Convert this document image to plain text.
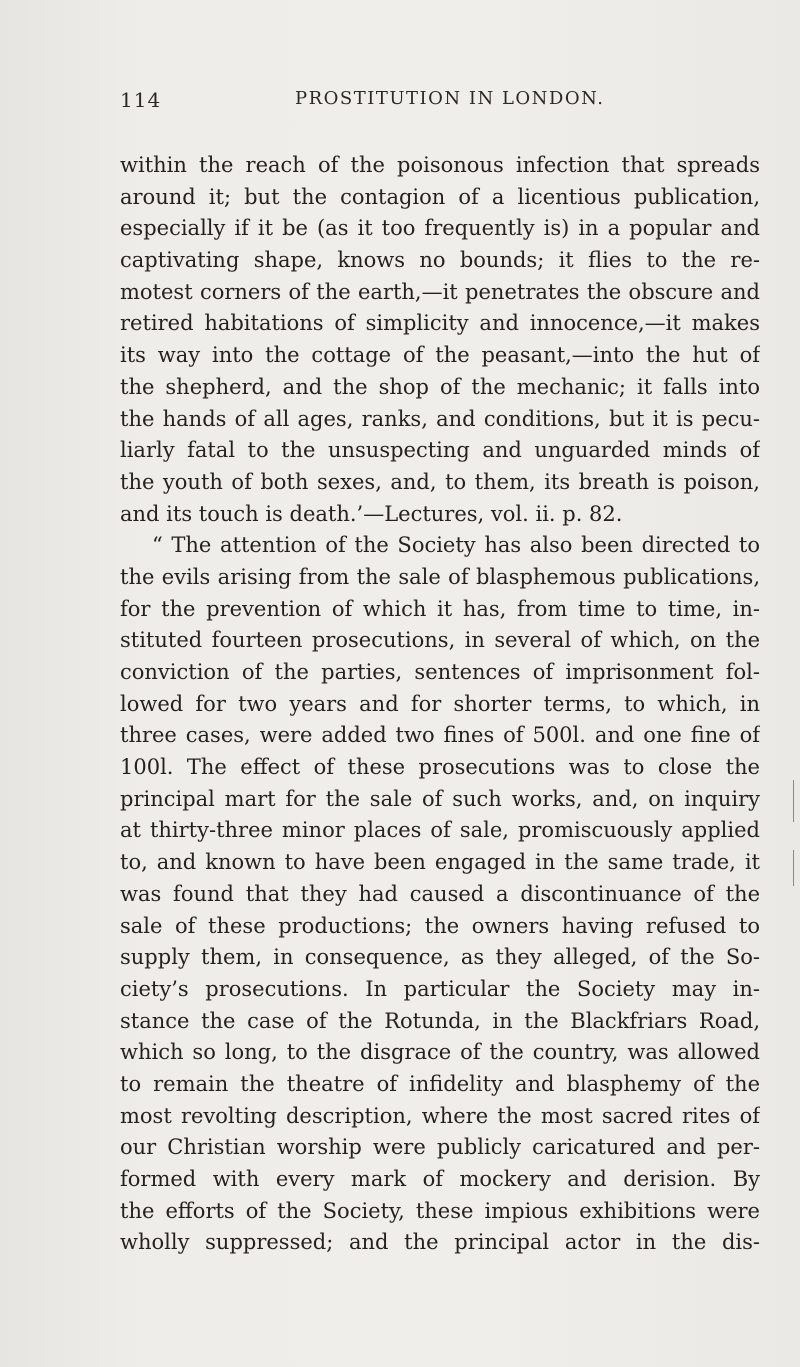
114	PROSTITUTION IN LONDON.
within the reach of the poisonous infection that spreads
around it; but the contagion of a licentious publication,
especially if it be (as it too frequently is) in a popular and
captivating shape, knows no bounds; it flies to the re-
motest corners of the earth,—it penetrates the obscure and
retired habitations of simplicity and innocence,—it makes
its way into the cottage of the peasant,—into the hut of
the shepherd, and the shop of the mechanic; it falls into
the hands of all ages, ranks, and conditions, but it is pecu-
liarly fatal to the unsuspecting and unguarded minds of
the youth of both sexes, and, to them, its breath is poison,
and its touch is death.’—Lectures, vol. ii. p. 82.
“ The attention of the Society has also been directed to
the evils arising from the sale of blasphemous publications,
for the prevention of which it has, from time to time, in-
stituted fourteen prosecutions, in several of which, on the
conviction of the parties, sentences of imprisonment fol-
lowed for two years and for shorter terms, to which, in
three cases, were added two fines of 500l. and one fine of
100l. The effect of these prosecutions was to close the
principal mart for the sale of such works, and, on inquiry
at thirty-three minor places of sale, promiscuously applied
to, and known to have been engaged in the same trade, it
was found that they had caused a discontinuance of the
sale of these productions; the owners having refused to
supply them, in consequence, as they alleged, of the So-
ciety’s prosecutions. In particular the Society may in-
stance the case of the Rotunda, in the Blackfriars Road,
which so long, to the disgrace of the country, was allowed
to remain the theatre of infidelity and blasphemy of the
most revolting description, where the most sacred rites of
our Christian worship were publicly caricatured and per-
formed with every mark of mockery and derision. By
the efforts of the Society, these impious exhibitions were
wholly suppressed; and the principal actor in the dis-
